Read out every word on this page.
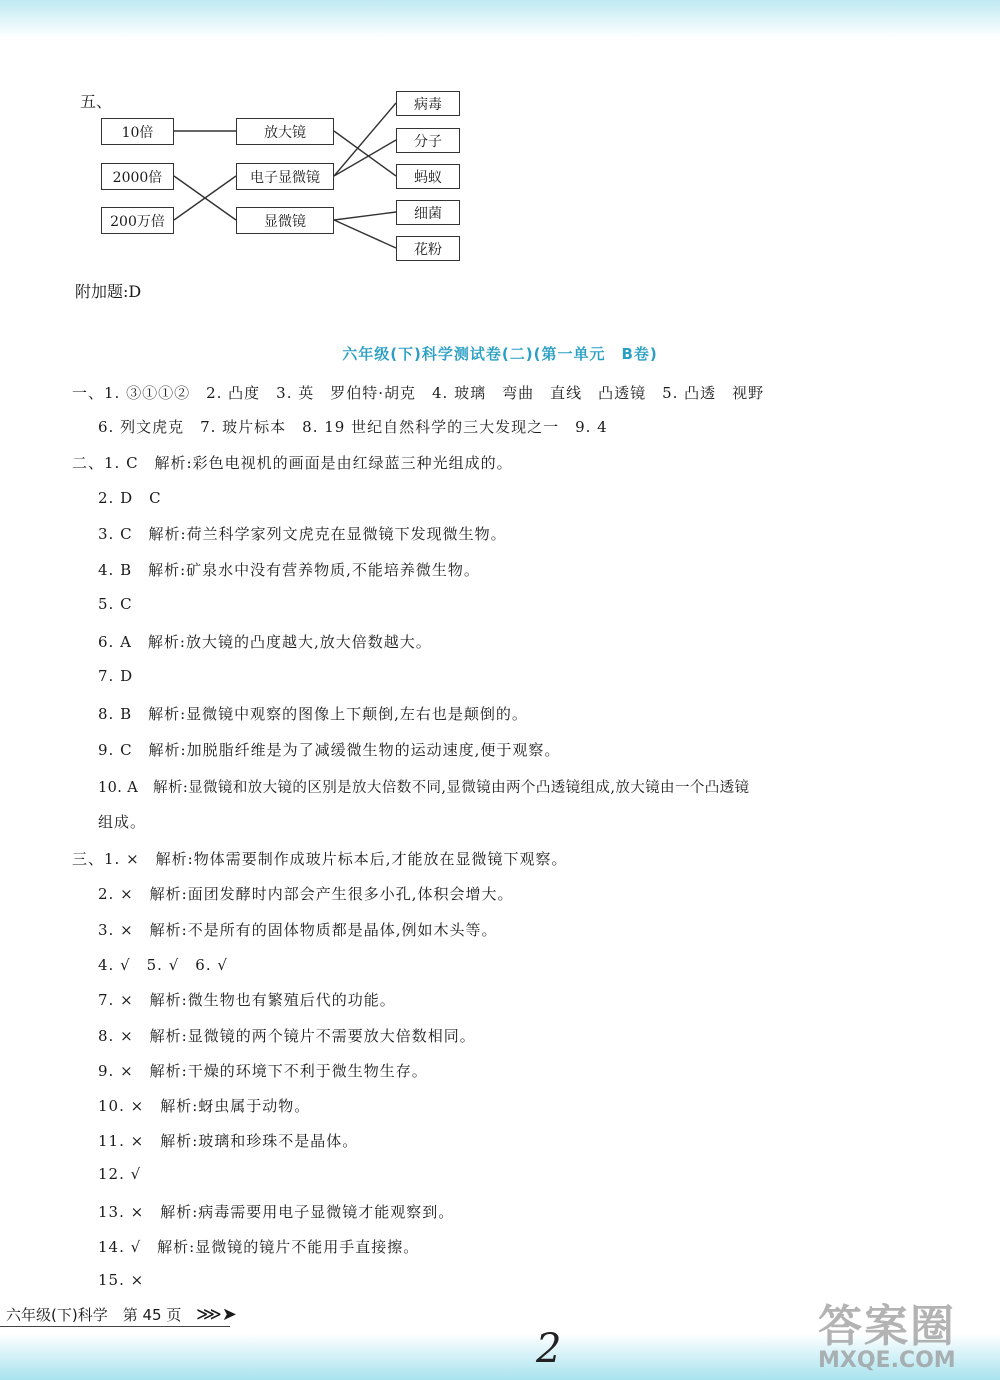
五、
10倍
2000倍
200万倍
放大镜
电子显微镜
显微镜
病毒
分子
蚂蚁
细菌
花粉
附加题:D
六年级(下)科学测试卷(二)(第一单元　B卷)
一、1. ③①①②　2. 凸度　3. 英　罗伯特·胡克　4. 玻璃　弯曲　直线　凸透镜　5. 凸透　视野
6. 列文虎克　7. 玻片标本　8. 19 世纪自然科学的三大发现之一　9. 4
二、1. C　解析:彩色电视机的画面是由红绿蓝三种光组成的。
2. D　C
3. C　解析:荷兰科学家列文虎克在显微镜下发现微生物。
4. B　解析:矿泉水中没有营养物质,不能培养微生物。
5. C
6. A　解析:放大镜的凸度越大,放大倍数越大。
7. D
8. B　解析:显微镜中观察的图像上下颠倒,左右也是颠倒的。
9. C　解析:加脱脂纤维是为了减缓微生物的运动速度,便于观察。
10. A　解析:显微镜和放大镜的区别是放大倍数不同,显微镜由两个凸透镜组成,放大镜由一个凸透镜
组成。
三、1. ×　解析:物体需要制作成玻片标本后,才能放在显微镜下观察。
2. ×　解析:面团发酵时内部会产生很多小孔,体积会增大。
3. ×　解析:不是所有的固体物质都是晶体,例如木头等。
4. √　5. √　6. √
7. ×　解析:微生物也有繁殖后代的功能。
8. ×　解析:显微镜的两个镜片不需要放大倍数相同。
9. ×　解析:干燥的环境下不利于微生物生存。
10. ×　解析:蚜虫属于动物。
11. ×　解析:玻璃和珍珠不是晶体。
12. √
13. ×　解析:病毒需要用电子显微镜才能观察到。
14. √　解析:显微镜的镜片不能用手直接擦。
15. ×
六年级(下)科学　第 45 页 ⋙➤
2	答案圈
MXQE.COM
